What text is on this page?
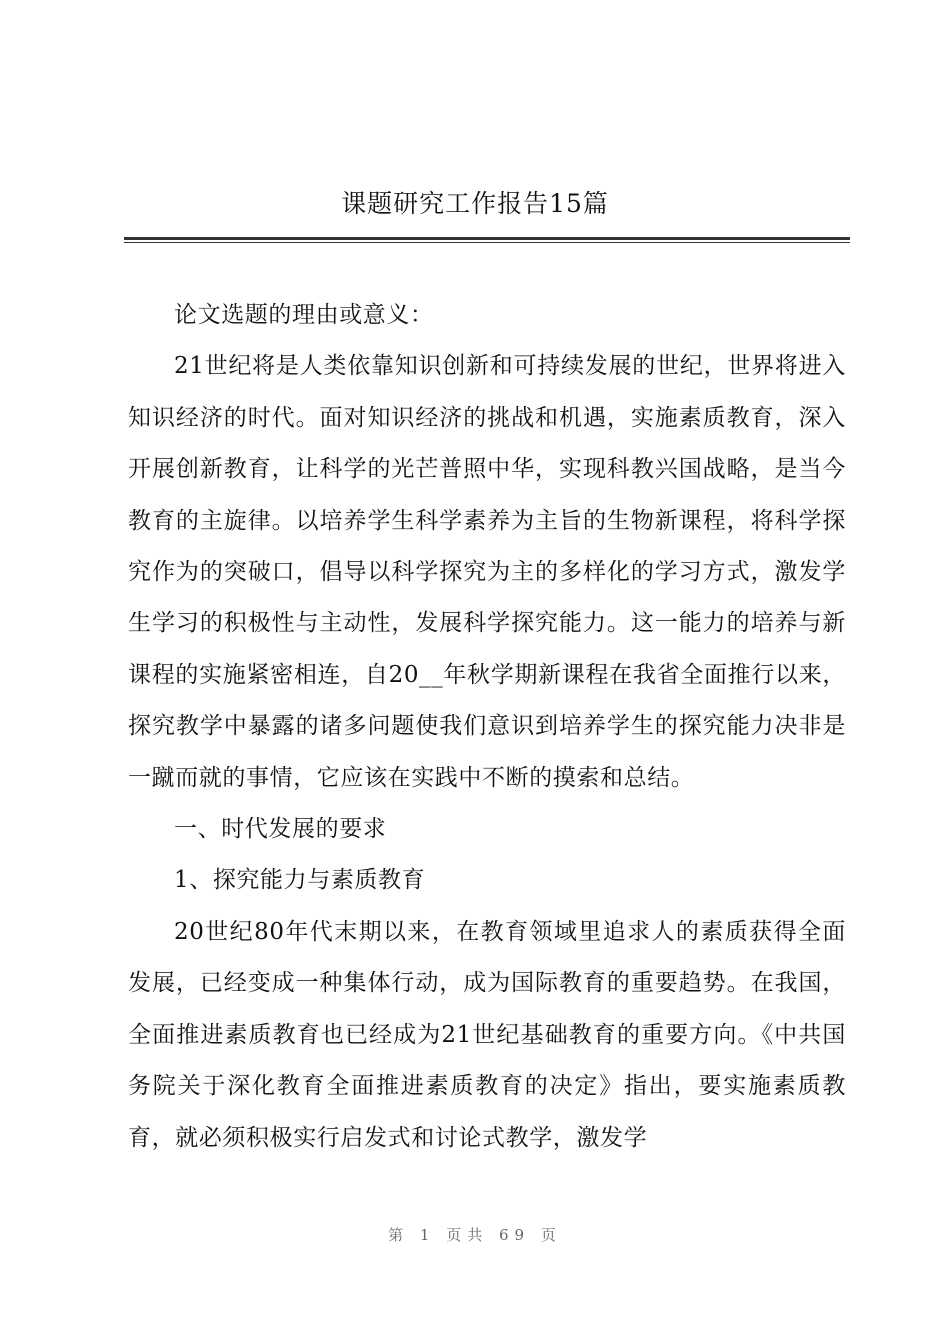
课题研究工作报告15篇

论文选题的理由或意义：

21世纪将是人类依靠知识创新和可持续发展的世纪，世界将进入知识经济的时代。面对知识经济的挑战和机遇，实施素质教育，深入开展创新教育，让科学的光芒普照中华，实现科教兴国战略，是当今教育的主旋律。以培养学生科学素养为主旨的生物新课程，将科学探究作为的突破口，倡导以科学探究为主的多样化的学习方式，激发学生学习的积极性与主动性，发展科学探究能力。这一能力的培养与新课程的实施紧密相连，自20__年秋学期新课程在我省全面推行以来，探究教学中暴露的诸多问题使我们意识到培养学生的探究能力决非是一蹴而就的事情，它应该在实践中不断的摸索和总结。

一、时代发展的要求

1、探究能力与素质教育

20世纪80年代末期以来，在教育领域里追求人的素质获得全面发展，已经变成一种集体行动，成为国际教育的重要趋势。在我国，全面推进素质教育也已经成为21世纪基础教育的重要方向。《中共国务院关于深化教育全面推进素质教育的决定》指出，要实施素质教育，就必须积极实行启发式和讨论式教学，激发学

第 1 页共 69 页
